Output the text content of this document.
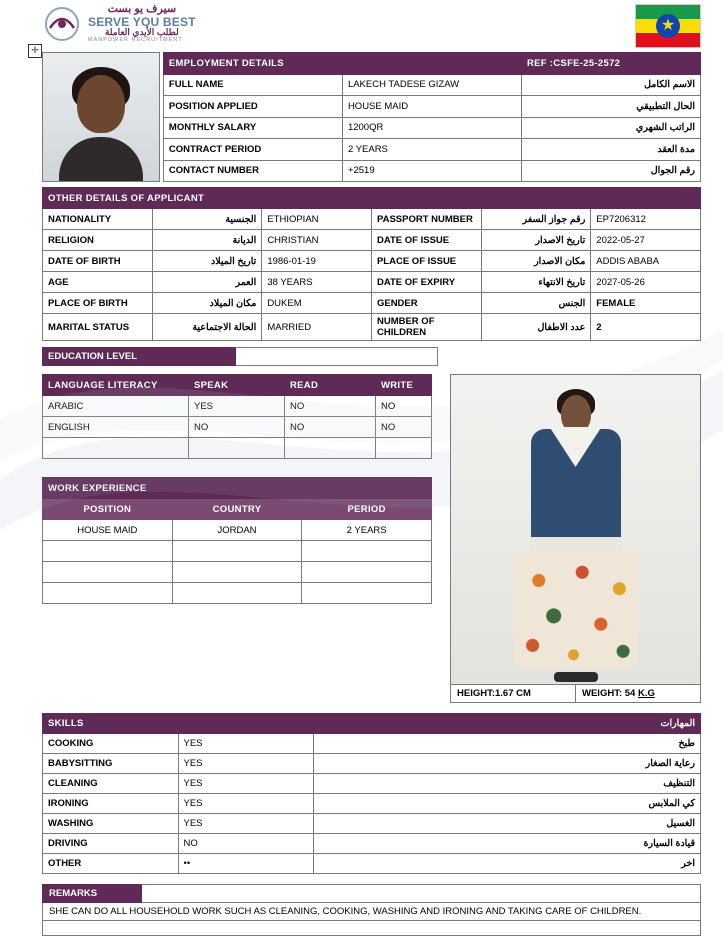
سيرف يو بست
SERVE YOU BEST
لطلب الأيدي العاملة
MANPOWER RECRUITMENT
★
✛
EMPLOYMENT DETAILS		REF :CSFE-25-2572
FULL NAME	LAKECH TADESE GIZAW	الاسم الكامل
POSITION APPLIED	HOUSE MAID	الحال التطبيقي
MONTHLY SALARY	1200QR	الراتب الشهري
CONTRACT PERIOD	2 YEARS	مدة العقد
CONTACT NUMBER	+2519	رقم الجوال
OTHER DETAILS OF APPLICANT					
NATIONALITY	الجنسية	ETHIOPIAN	PASSPORT NUMBER	رقم جواز السفر	EP7206312
RELIGION	الديانة	CHRISTIAN	DATE OF ISSUE	تاريخ الاصدار	2022-05-27
DATE OF BIRTH	تاريخ الميلاد	1986-01-19	PLACE OF ISSUE	مكان الاصدار	ADDIS ABABA
AGE	العمر	38 YEARS	DATE OF EXPIRY	تاريخ الانتهاء	2027-05-26
PLACE OF BIRTH	مكان الميلاد	DUKEM	GENDER	الجنس	FEMALE
MARITAL STATUS	الحالة الاجتماعية	MARRIED	NUMBER OF CHILDREN	عدد الاطفال	2
EDUCATION LEVEL
LANGUAGE LITERACY	SPEAK	READ	WRITE
ARABIC	YES	NO	NO
ENGLISH	NO	NO	NO

WORK EXPERIENCE		
POSITION	COUNTRY	PERIOD
HOUSE MAID	JORDAN	2 YEARS

HEIGHT:1.67 CM	WEIGHT: 54 K.G
SKILLS		المهارات
COOKING	YES	طبخ
BABYSITTING	YES	رعاية الصغار
CLEANING	YES	التنظيف
IRONING	YES	كي الملابس
WASHING	YES	الغسيل
DRIVING	NO	قيادة السيارة
OTHER	••	اخر
REMARKS
SHE CAN DO ALL HOUSEHOLD WORK SUCH AS CLEANING, COOKING, WASHING AND IRONING AND TAKING CARE OF CHILDREN.
